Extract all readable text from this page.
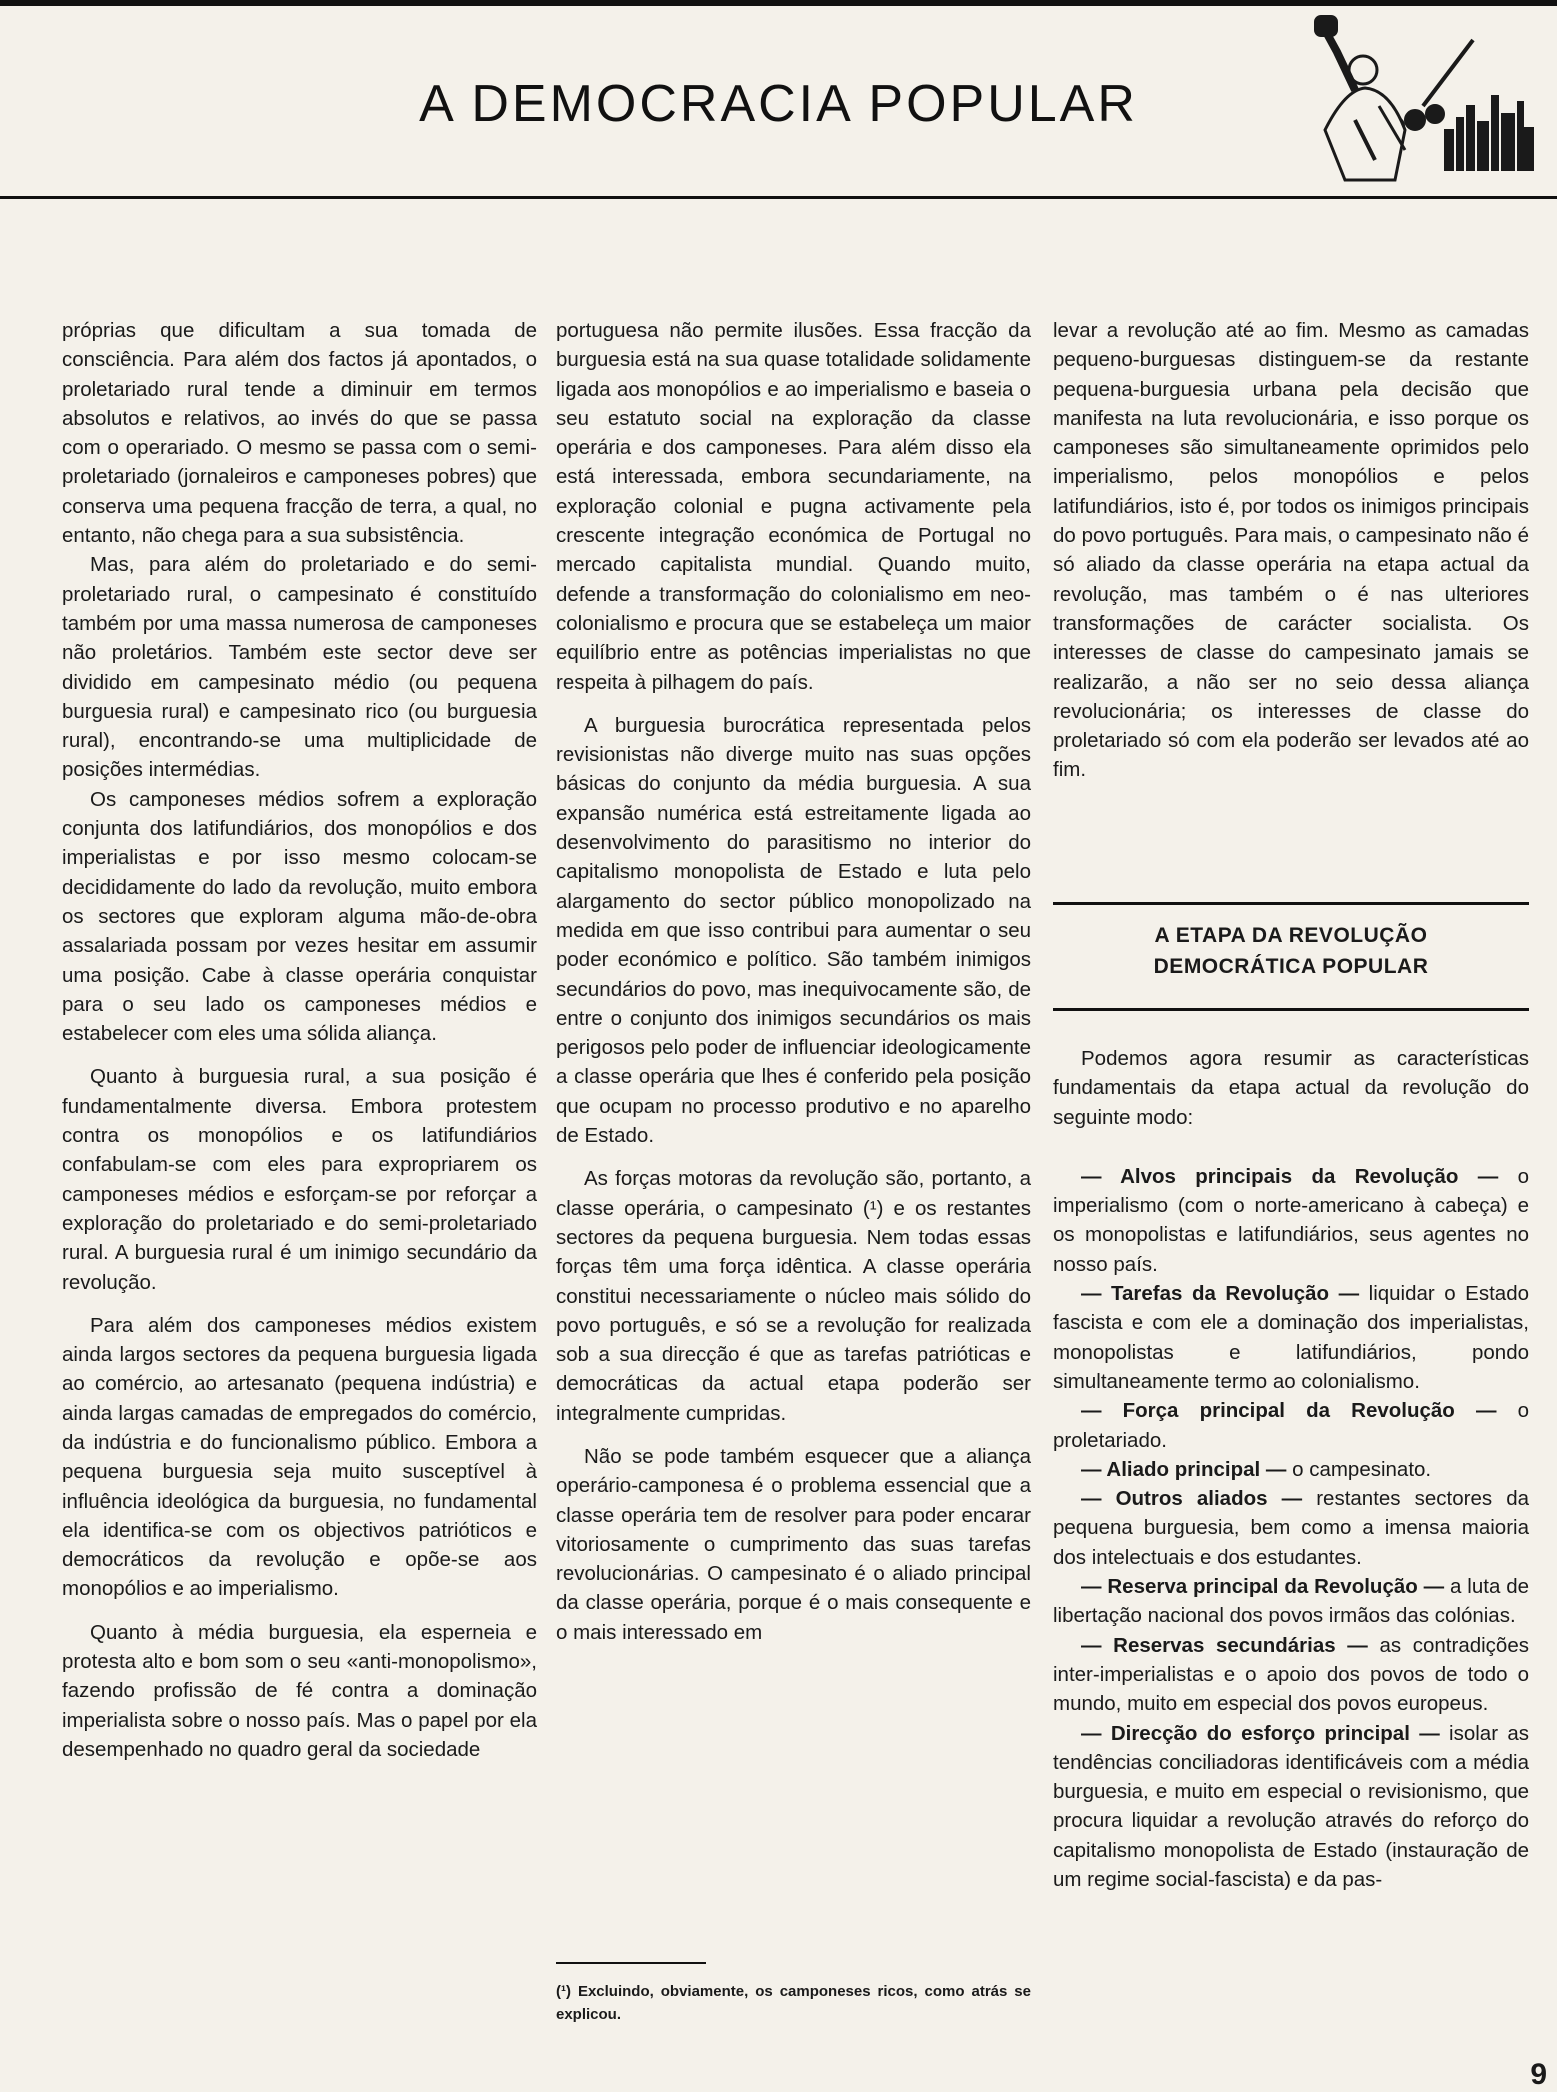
A DEMOCRACIA POPULAR

próprias que dificultam a sua tomada de consciência. Para além dos factos já apontados, o proletariado rural tende a diminuir em termos absolutos e relativos, ao invés do que se passa com o operariado. O mesmo se passa com o semi-proletariado (jornaleiros e camponeses pobres) que conserva uma pequena fracção de terra, a qual, no entanto, não chega para a sua subsistência.

Mas, para além do proletariado e do semi-proletariado rural, o campesinato é constituído também por uma massa numerosa de camponeses não proletários. Também este sector deve ser dividido em campesinato médio (ou pequena burguesia rural) e campesinato rico (ou burguesia rural), encontrando-se uma multiplicidade de posições intermédias.

Os camponeses médios sofrem a exploração conjunta dos latifundiários, dos monopólios e dos imperialistas e por isso mesmo colocam-se decididamente do lado da revolução, muito embora os sectores que exploram alguma mão-de-obra assalariada possam por vezes hesitar em assumir uma posição. Cabe à classe operária conquistar para o seu lado os camponeses médios e estabelecer com eles uma sólida aliança.

Quanto à burguesia rural, a sua posição é fundamentalmente diversa. Embora protestem contra os monopólios e os latifundiários confabulam-se com eles para expropriarem os camponeses médios e esforçam-se por reforçar a exploração do proletariado e do semi-proletariado rural. A burguesia rural é um inimigo secundário da revolução.

Para além dos camponeses médios existem ainda largos sectores da pequena burguesia ligada ao comércio, ao artesanato (pequena indústria) e ainda largas camadas de empregados do comércio, da indústria e do funcionalismo público. Embora a pequena burguesia seja muito susceptível à influência ideológica da burguesia, no fundamental ela identifica-se com os objectivos patrióticos e democráticos da revolução e opõe-se aos monopólios e ao imperialismo.

Quanto à média burguesia, ela esperneia e protesta alto e bom som o seu «anti-monopolismo», fazendo profissão de fé contra a dominação imperialista sobre o nosso país. Mas o papel por ela desempenhado no quadro geral da sociedade

portuguesa não permite ilusões. Essa fracção da burguesia está na sua quase totalidade solidamente ligada aos monopólios e ao imperialismo e baseia o seu estatuto social na exploração da classe operária e dos camponeses. Para além disso ela está interessada, embora secundariamente, na exploração colonial e pugna activamente pela crescente integração económica de Portugal no mercado capitalista mundial. Quando muito, defende a transformação do colonialismo em neo-colonialismo e procura que se estabeleça um maior equilíbrio entre as potências imperialistas no que respeita à pilhagem do país.

A burguesia burocrática representada pelos revisionistas não diverge muito nas suas opções básicas do conjunto da média burguesia. A sua expansão numérica está estreitamente ligada ao desenvolvimento do parasitismo no interior do capitalismo monopolista de Estado e luta pelo alargamento do sector público monopolizado na medida em que isso contribui para aumentar o seu poder económico e político. São também inimigos secundários do povo, mas inequivocamente são, de entre o conjunto dos inimigos secundários os mais perigosos pelo poder de influenciar ideologicamente a classe operária que lhes é conferido pela posição que ocupam no processo produtivo e no aparelho de Estado.

As forças motoras da revolução são, portanto, a classe operária, o campesinato (¹) e os restantes sectores da pequena burguesia. Nem todas essas forças têm uma força idêntica. A classe operária constitui necessariamente o núcleo mais sólido do povo português, e só se a revolução for realizada sob a sua direcção é que as tarefas patrióticas e democráticas da actual etapa poderão ser integralmente cumpridas.

Não se pode também esquecer que a aliança operário-camponesa é o problema essencial que a classe operária tem de resolver para poder encarar vitoriosamente o cumprimento das suas tarefas revolucionárias. O campesinato é o aliado principal da classe operária, porque é o mais consequente e o mais interessado em

levar a revolução até ao fim. Mesmo as camadas pequeno-burguesas distinguem-se da restante pequena-burguesia urbana pela decisão que manifesta na luta revolucionária, e isso porque os camponeses são simultaneamente oprimidos pelo imperialismo, pelos monopólios e pelos latifundiários, isto é, por todos os inimigos principais do povo português. Para mais, o campesinato não é só aliado da classe operária na etapa actual da revolução, mas também o é nas ulteriores transformações de carácter socialista. Os interesses de classe do campesinato jamais se realizarão, a não ser no seio dessa aliança revolucionária; os interesses de classe do proletariado só com ela poderão ser levados até ao fim.

A ETAPA DA REVOLUÇÃO
DEMOCRÁTICA POPULAR

Podemos agora resumir as características fundamentais da etapa actual da revolução do seguinte modo:

— Alvos principais da Revolução — o imperialismo (com o norte-americano à cabeça) e os monopolistas e latifundiários, seus agentes no nosso país.

— Tarefas da Revolução — liquidar o Estado fascista e com ele a dominação dos imperialistas, monopolistas e latifundiários, pondo simultaneamente termo ao colonialismo.

— Força principal da Revolução — o proletariado.

— Aliado principal — o campesinato.

— Outros aliados — restantes sectores da pequena burguesia, bem como a imensa maioria dos intelectuais e dos estudantes.

— Reserva principal da Revolução — a luta de libertação nacional dos povos irmãos das colónias.

— Reservas secundárias — as contradições inter-imperialistas e o apoio dos povos de todo o mundo, muito em especial dos povos europeus.

— Direcção do esforço principal — isolar as tendências conciliadoras identificáveis com a média burguesia, e muito em especial o revisionismo, que procura liquidar a revolução através do reforço do capitalismo monopolista de Estado (instauração de um regime social-fascista) e da pas-

(¹) Excluindo, obviamente, os camponeses ricos, como atrás se explicou.
9
